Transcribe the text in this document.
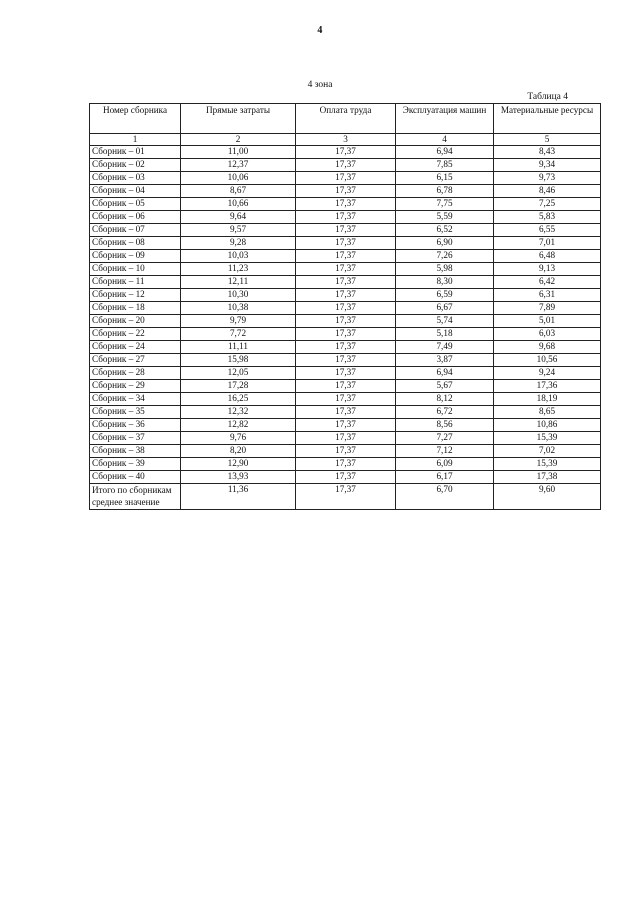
4
4 зона
Таблица 4
Номер сборника	Прямые затраты	Оплата труда	Эксплуатация машин	Материальные ресурсы
1	2	3	4	5
Сборник – 01	11,00	17,37	6,94	8,43
Сборник – 02	12,37	17,37	7,85	9,34
Сборник – 03	10,06	17,37	6,15	9,73
Сборник – 04	8,67	17,37	6,78	8,46
Сборник – 05	10,66	17,37	7,75	7,25
Сборник – 06	9,64	17,37	5,59	5,83
Сборник – 07	9,57	17,37	6,52	6,55
Сборник – 08	9,28	17,37	6,90	7,01
Сборник – 09	10,03	17,37	7,26	6,48
Сборник – 10	11,23	17,37	5,98	9,13
Сборник – 11	12,11	17,37	8,30	6,42
Сборник – 12	10,30	17,37	6,59	6,31
Сборник – 18	10,38	17,37	6,67	7,89
Сборник – 20	9,79	17,37	5,74	5,01
Сборник – 22	7,72	17,37	5,18	6,03
Сборник – 24	11,11	17,37	7,49	9,68
Сборник – 27	15,98	17,37	3,87	10,56
Сборник – 28	12,05	17,37	6,94	9,24
Сборник – 29	17,28	17,37	5,67	17,36
Сборник – 34	16,25	17,37	8,12	18,19
Сборник – 35	12,32	17,37	6,72	8,65
Сборник – 36	12,82	17,37	8,56	10,86
Сборник – 37	9,76	17,37	7,27	15,39
Сборник – 38	8,20	17,37	7,12	7,02
Сборник – 39	12,90	17,37	6,09	15,39
Сборник – 40	13,93	17,37	6,17	17,38
Итого по сборникам среднее значение	11,36	17,37	6,70	9,60
